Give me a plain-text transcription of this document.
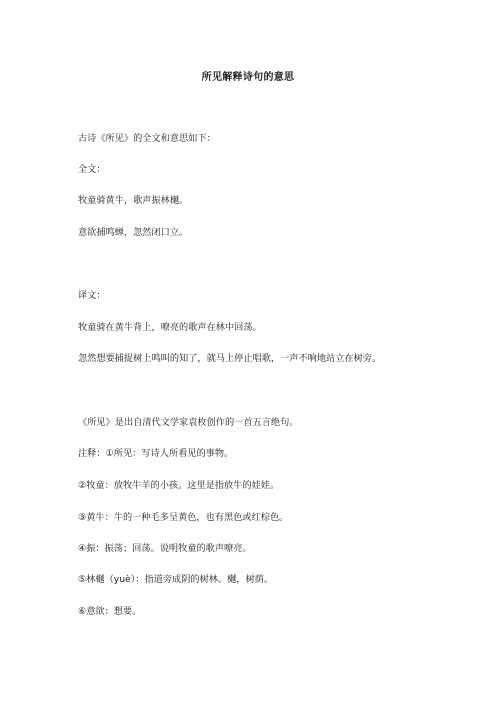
所见解释诗句的意思
古诗《所见》的全文和意思如下：
全文：
牧童骑黄牛，歌声振林樾。
意欲捕鸣蝉，忽然闭口立。
译文：
牧童骑在黄牛背上，嘹亮的歌声在林中回荡。
忽然想要捕捉树上鸣叫的知了，就马上停止唱歌，一声不响地站立在树旁。
《所见》是出自清代文学家袁枚创作的一首五言绝句。
注释：①所见：写诗人所看见的事物。
②牧童：放牧牛羊的小孩。这里是指放牛的娃娃。
③黄牛：牛的一种毛多呈黄色，也有黑色或红棕色。
④振：振荡；回荡。说明牧童的歌声嘹亮。
⑤林樾（yuè）：指道旁成阴的树林。樾，树荫。
⑥意欲：想要。
